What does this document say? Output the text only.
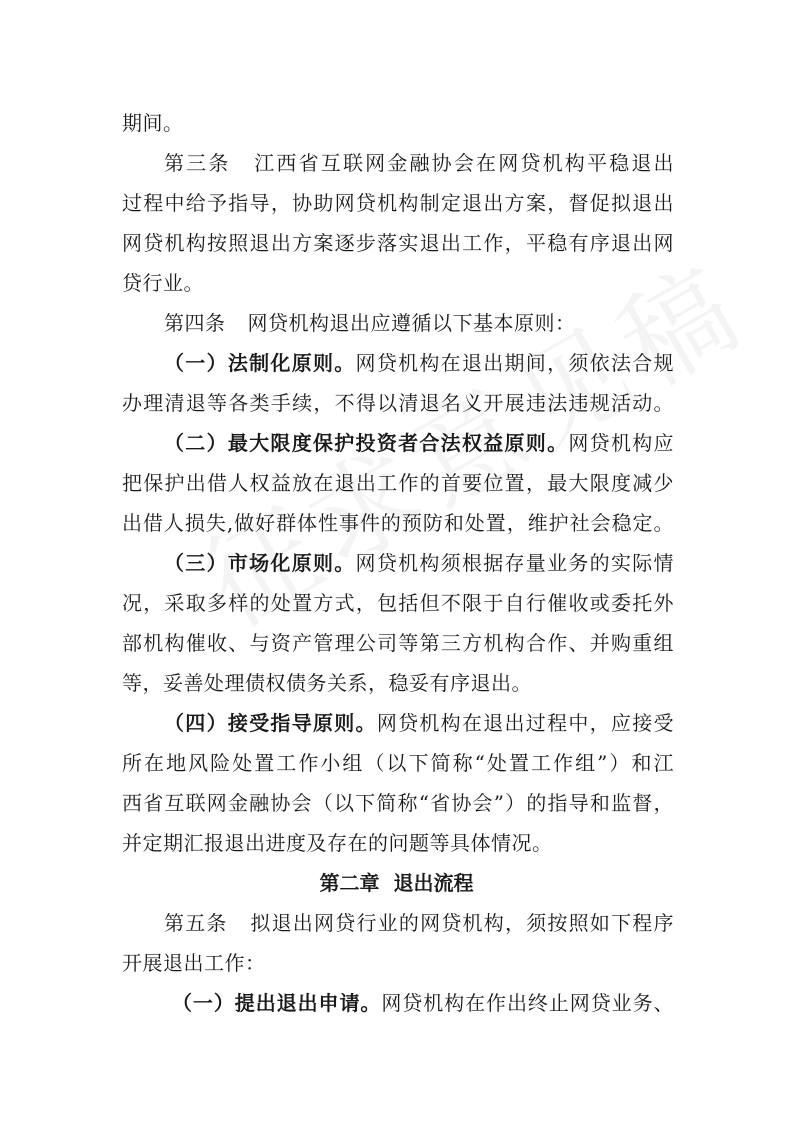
期间。
第三条 江西省互联网金融协会在网贷机构平稳退出
过程中给予指导，协助网贷机构制定退出方案，督促拟退出
网贷机构按照退出方案逐步落实退出工作，平稳有序退出网
贷行业。
第四条 网贷机构退出应遵循以下基本原则：
（一）法制化原则。网贷机构在退出期间，须依法合规
办理清退等各类手续，不得以清退名义开展违法违规活动。
（二）最大限度保护投资者合法权益原则。网贷机构应
把保护出借人权益放在退出工作的首要位置，最大限度减少
出借人损失,做好群体性事件的预防和处置，维护社会稳定。
（三）市场化原则。网贷机构须根据存量业务的实际情
况，采取多样的处置方式，包括但不限于自行催收或委托外
部机构催收、与资产管理公司等第三方机构合作、并购重组
等，妥善处理债权债务关系，稳妥有序退出。
（四）接受指导原则。网贷机构在退出过程中，应接受
所在地风险处置工作小组（以下简称“处置工作组”）和江
西省互联网金融协会（以下简称“省协会”）的指导和监督，
并定期汇报退出进度及存在的问题等具体情况。
第二章  退出流程
第五条 拟退出网贷行业的网贷机构，须按照如下程序
开展退出工作：
（一）提出退出申请。网贷机构在作出终止网贷业务、
